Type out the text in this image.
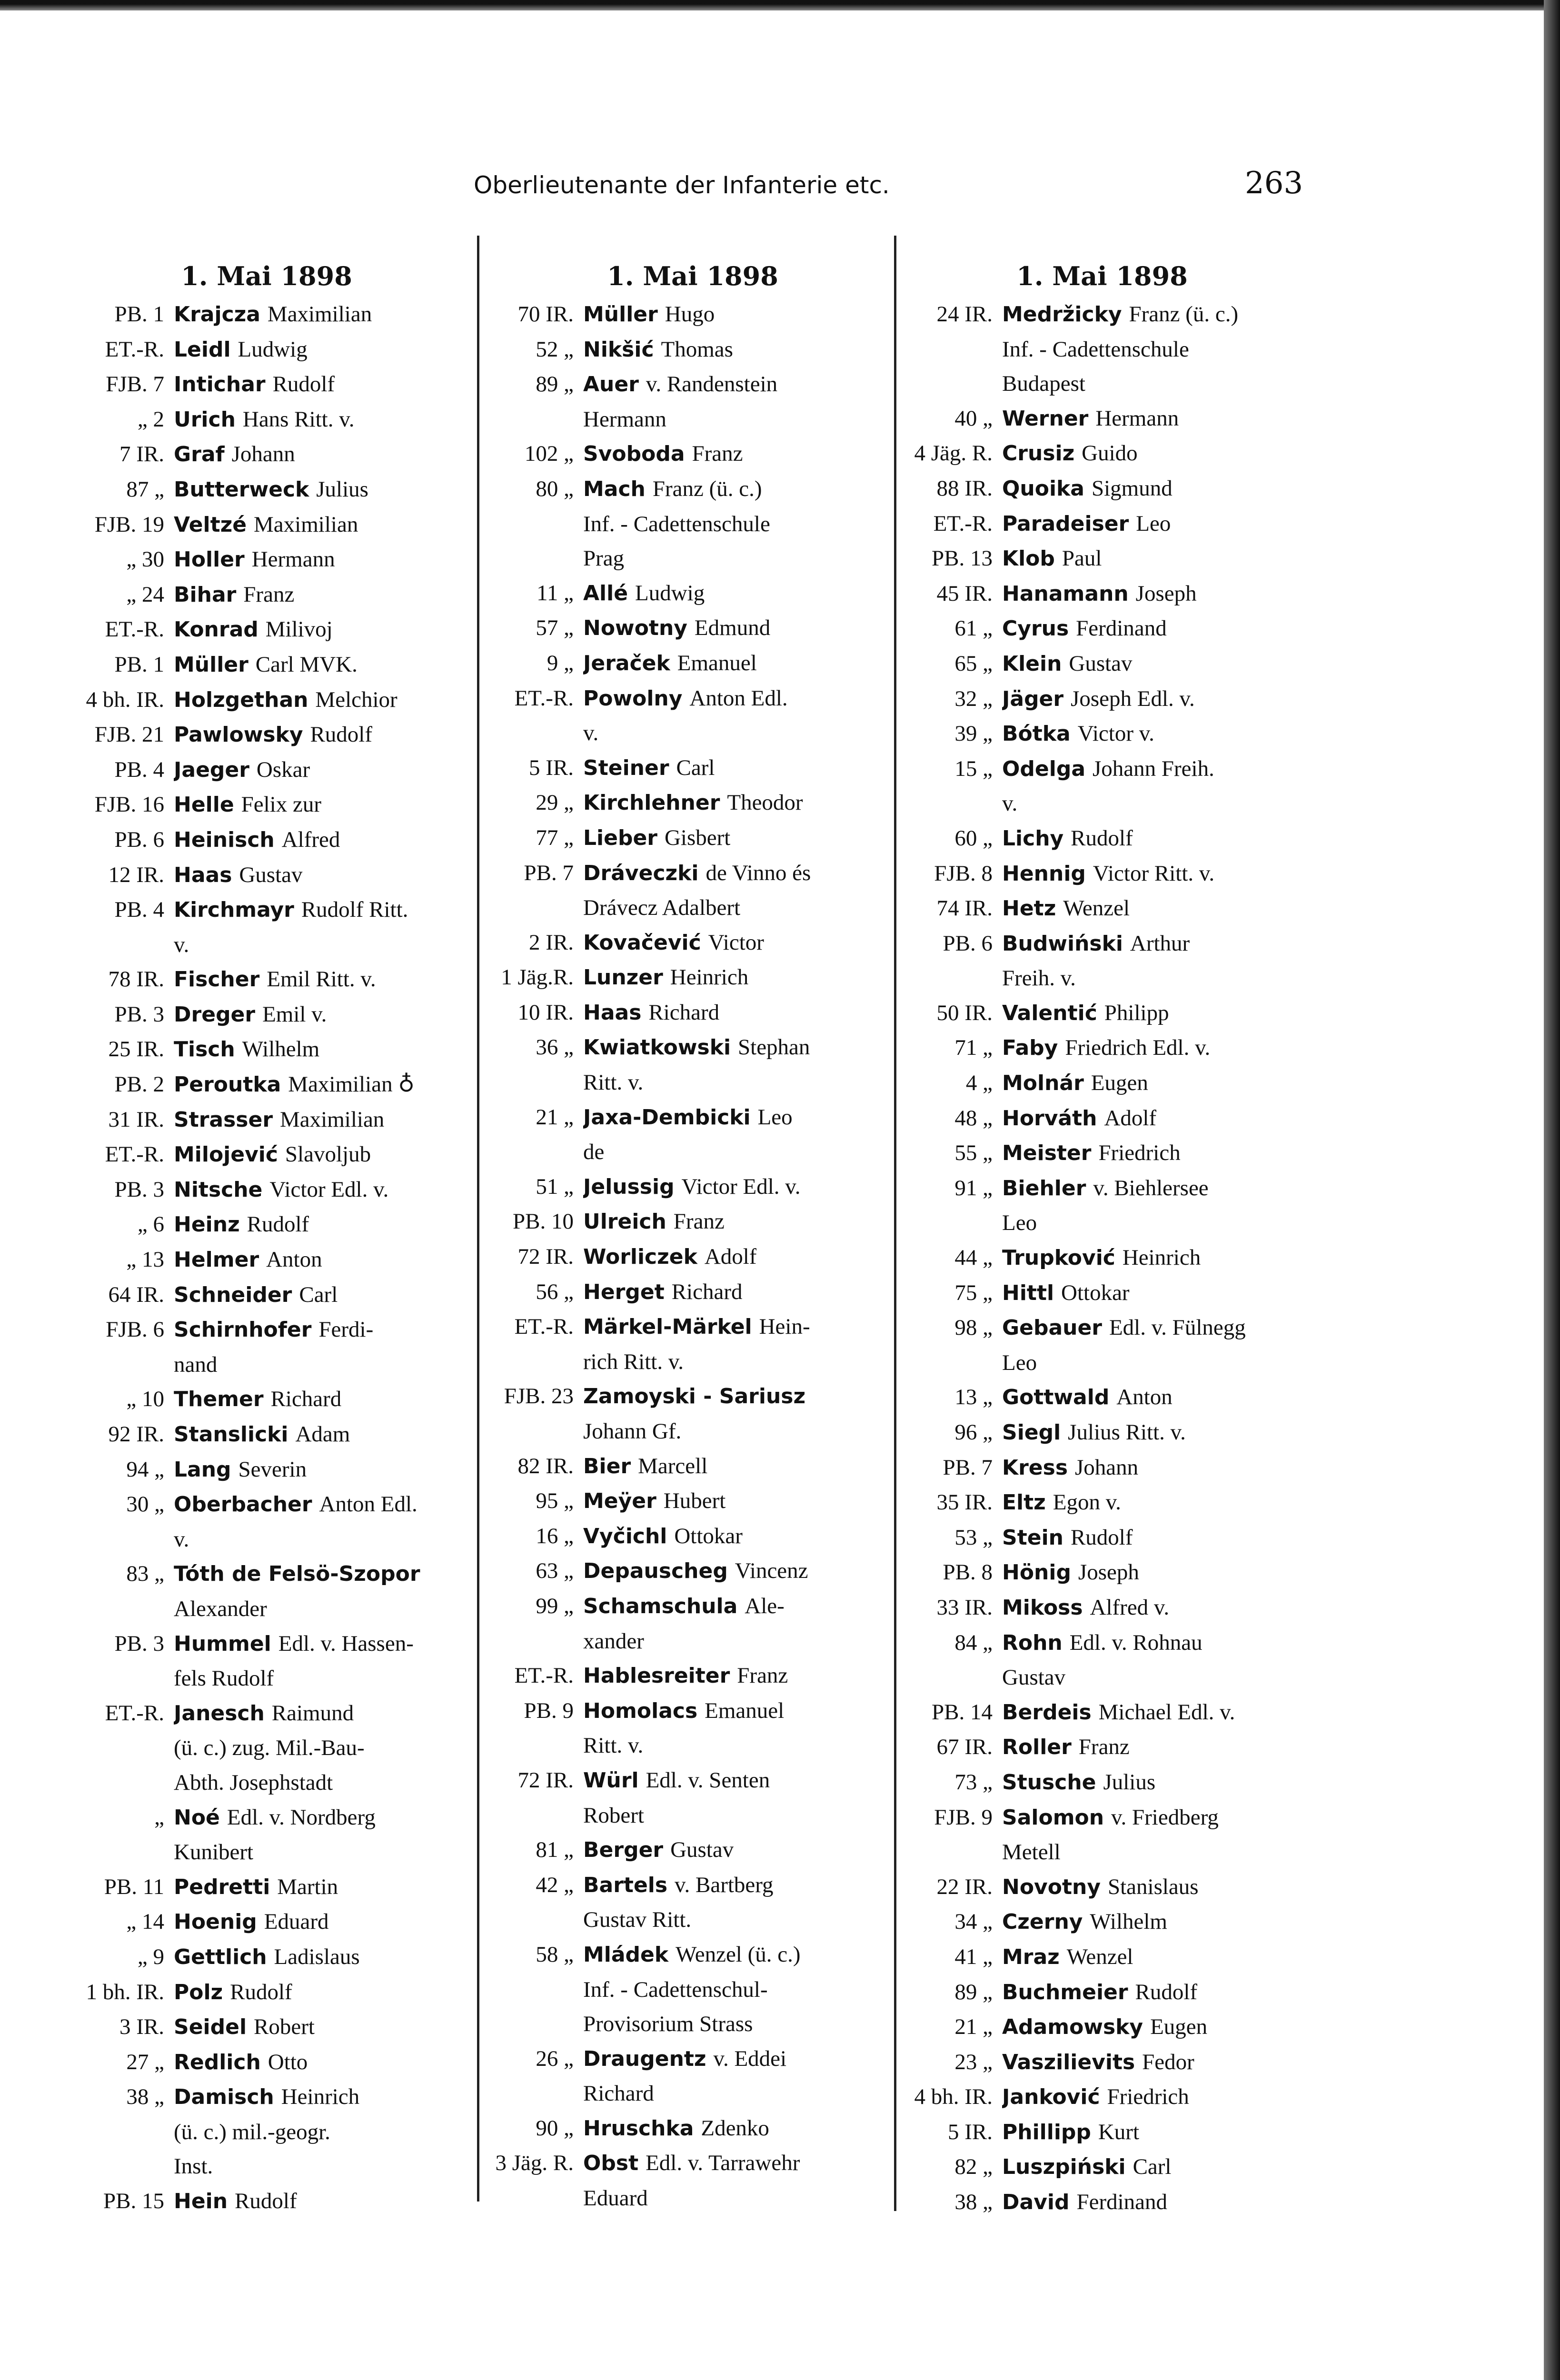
Oberlieutenante der Infanterie etc.	263
1. Mai 1898
PB. 1 Krajcza Maximilian
ET.-R. Leidl Ludwig
FJB. 7 Intichar Rudolf
„ 2 Urich Hans Ritt. v.
7 IR. Graf Johann
87 „ Butterweck Julius
FJB. 19 Veltzé Maximilian
„ 30 Holler Hermann
„ 24 Bihar Franz
ET.-R. Konrad Milivoj
PB. 1 Müller Carl MVK.
4 bh. IR. Holzgethan Melchior
FJB. 21 Pawlowsky Rudolf
PB. 4 Jaeger Oskar
FJB. 16 Helle Felix zur
PB. 6 Heinisch Alfred
12 IR. Haas Gustav
PB. 4 Kirchmayr Rudolf Ritt.
v.
78 IR. Fischer Emil Ritt. v.
PB. 3 Dreger Emil v.
25 IR. Tisch Wilhelm
PB. 2 Peroutka Maximilian ♁
31 IR. Strasser Maximilian
ET.-R. Milojević Slavoljub
PB. 3 Nitsche Victor Edl. v.
„ 6 Heinz Rudolf
„ 13 Helmer Anton
64 IR. Schneider Carl
FJB. 6 Schirnhofer Ferdi-
nand
„ 10 Themer Richard
92 IR. Stanslicki Adam
94 „ Lang Severin
30 „ Oberbacher Anton Edl.
v.
83 „ Tóth de Felsö-Szopor
Alexander
PB. 3 Hummel Edl. v. Hassen-
fels Rudolf
ET.-R. Janesch Raimund
(ü. c.) zug. Mil.-Bau-
Abth. Josephstadt
„ Noé Edl. v. Nordberg
Kunibert
PB. 11 Pedretti Martin
„ 14 Hoenig Eduard
„ 9 Gettlich Ladislaus
1 bh. IR. Polz Rudolf
3 IR. Seidel Robert
27 „ Redlich Otto
38 „ Damisch Heinrich
(ü. c.) mil.-geogr.
Inst.
PB. 15 Hein Rudolf
1. Mai 1898
70 IR. Müller Hugo
52 „ Nikšić Thomas
89 „ Auer v. Randenstein
Hermann
102 „ Svoboda Franz
80 „ Mach Franz (ü. c.)
Inf. - Cadettenschule
Prag
11 „ Allé Ludwig
57 „ Nowotny Edmund
9 „ Jeraček Emanuel
ET.-R. Powolny Anton Edl.
v.
5 IR. Steiner Carl
29 „ Kirchlehner Theodor
77 „ Lieber Gisbert
PB. 7 Dráveczki de Vinno és
Drávecz Adalbert
2 IR. Kovačević Victor
1 Jäg.R. Lunzer Heinrich
10 IR. Haas Richard
36 „ Kwiatkowski Stephan
Ritt. v.
21 „ Jaxa-Dembicki Leo
de
51 „ Jelussig Victor Edl. v.
PB. 10 Ulreich Franz
72 IR. Worliczek Adolf
56 „ Herget Richard
ET.-R. Märkel-Märkel Hein-
rich Ritt. v.
FJB. 23 Zamoyski - Sariusz
Johann Gf.
82 IR. Bier Marcell
95 „ Meÿer Hubert
16 „ Vyčichl Ottokar
63 „ Depauscheg Vincenz
99 „ Schamschula Ale-
xander
ET.-R. Hablesreiter Franz
PB. 9 Homolacs Emanuel
Ritt. v.
72 IR. Würl Edl. v. Senten
Robert
81 „ Berger Gustav
42 „ Bartels v. Bartberg
Gustav Ritt.
58 „ Mládek Wenzel (ü. c.)
Inf. - Cadettenschul-
Provisorium Strass
26 „ Draugentz v. Eddei
Richard
90 „ Hruschka Zdenko
3 Jäg. R. Obst Edl. v. Tarrawehr
Eduard
1. Mai 1898
24 IR. Medržicky Franz (ü. c.)
Inf. - Cadettenschule
Budapest
40 „ Werner Hermann
4 Jäg. R. Crusiz Guido
88 IR. Quoika Sigmund
ET.-R. Paradeiser Leo
PB. 13 Klob Paul
45 IR. Hanamann Joseph
61 „ Cyrus Ferdinand
65 „ Klein Gustav
32 „ Jäger Joseph Edl. v.
39 „ Bótka Victor v.
15 „ Odelga Johann Freih.
v.
60 „ Lichy Rudolf
FJB. 8 Hennig Victor Ritt. v.
74 IR. Hetz Wenzel
PB. 6 Budwiński Arthur
Freih. v.
50 IR. Valentić Philipp
71 „ Faby Friedrich Edl. v.
4 „ Molnár Eugen
48 „ Horváth Adolf
55 „ Meister Friedrich
91 „ Biehler v. Biehlersee
Leo
44 „ Trupković Heinrich
75 „ Hittl Ottokar
98 „ Gebauer Edl. v. Fülnegg
Leo
13 „ Gottwald Anton
96 „ Siegl Julius Ritt. v.
PB. 7 Kress Johann
35 IR. Eltz Egon v.
53 „ Stein Rudolf
PB. 8 Hönig Joseph
33 IR. Mikoss Alfred v.
84 „ Rohn Edl. v. Rohnau
Gustav
PB. 14 Berdeis Michael Edl. v.
67 IR. Roller Franz
73 „ Stusche Julius
FJB. 9 Salomon v. Friedberg
Metell
22 IR. Novotny Stanislaus
34 „ Czerny Wilhelm
41 „ Mraz Wenzel
89 „ Buchmeier Rudolf
21 „ Adamowsky Eugen
23 „ Vaszilievits Fedor
4 bh. IR. Janković Friedrich
5 IR. Phillipp Kurt
82 „ Luszpiński Carl
38 „ David Ferdinand
